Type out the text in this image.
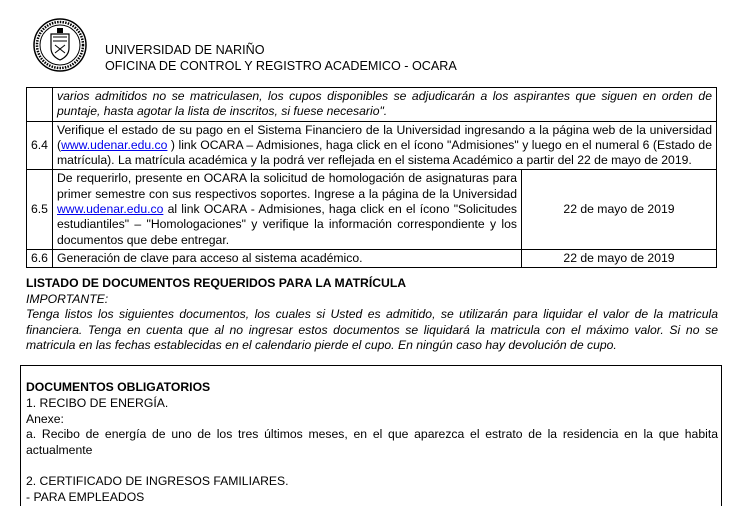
UNIVERSIDAD DE NARIÑO
OFICINA DE CONTROL Y REGISTRO ACADEMICO - OCARA
	varios admitidos no se matriculasen, los cupos disponibles se adjudicarán a los aspirantes que siguen en orden de puntaje, hasta agotar la lista de inscritos, si fuese necesario".	
6.4	Verifique el estado de su pago en el Sistema Financiero de la Universidad ingresando a la página web de la universidad (www.udenar.edu.co ) link OCARA – Admisiones, haga click en el ícono "Admisiones" y luego en el numeral 6 (Estado de matrícula). La matrícula académica y la podrá ver reflejada en el sistema Académico a partir del 22 de mayo de 2019.	
6.5	De requerirlo, presente en OCARA la solicitud de homologación de asignaturas para primer semestre con sus respectivos soportes. Ingrese a la página de la Universidad www.udenar.edu.co al link OCARA - Admisiones, haga click en el ícono "Solicitudes estudiantiles" – "Homologaciones" y verifique la información correspondiente y los documentos que debe entregar.	22 de mayo de 2019
6.6	Generación de clave para acceso al sistema académico.	22 de mayo de 2019
LISTADO DE DOCUMENTOS REQUERIDOS PARA LA MATRÍCULA
IMPORTANTE:
Tenga listos los siguientes documentos, los cuales si Usted es admitido, se utilizarán para liquidar el valor de la matricula financiera. Tenga en cuenta que al no ingresar estos documentos se liquidará la matricula con el máximo valor. Si no se matricula en las fechas establecidas en el calendario pierde el cupo. En ningún caso hay devolución de cupo.

DOCUMENTOS OBLIGATORIOS

1. RECIBO DE ENERGÍA.

Anexe:

a. Recibo de energía de uno de los tres últimos meses, en el que aparezca el estrato de la residencia en la que habita actualmente

2. CERTIFICADO DE INGRESOS FAMILIARES.

- PARA EMPLEADOS
